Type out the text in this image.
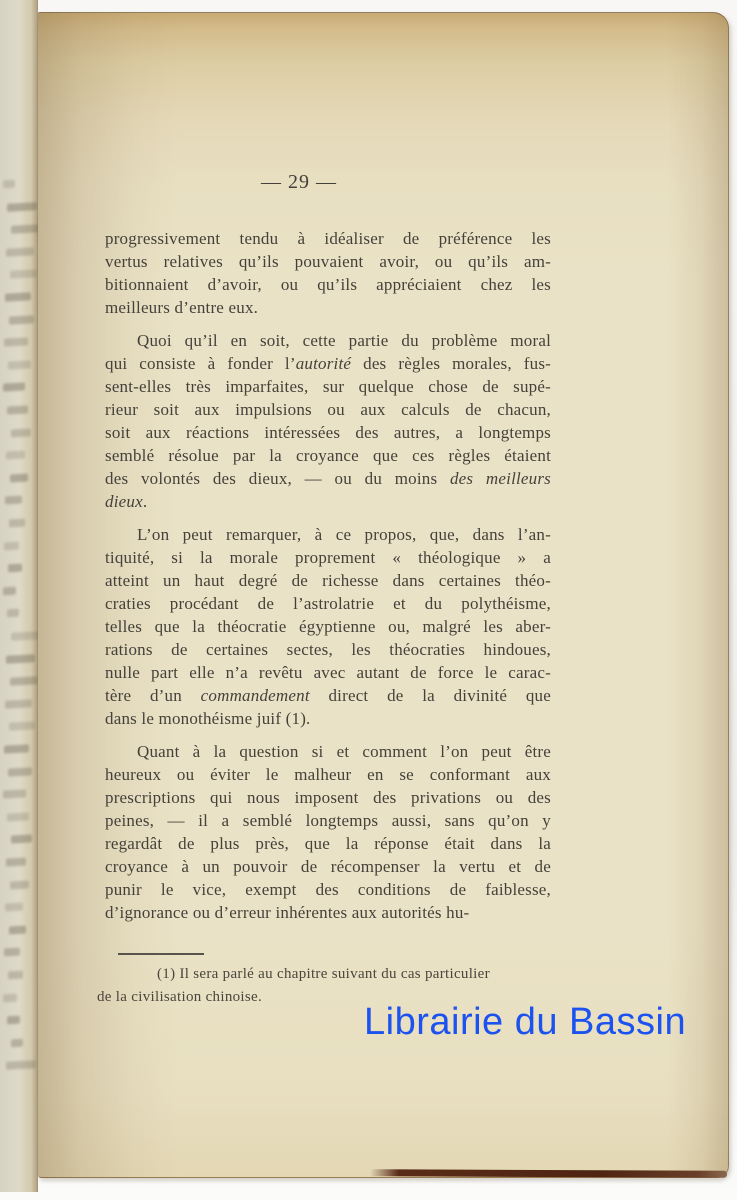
— 29 —
progressivement tendu à idéaliser de préférence les
vertus relatives qu’ils pouvaient avoir, ou qu’ils am-
bitionnaient d’avoir, ou qu’ils appréciaient chez les
meilleurs d’entre eux.
Quoi qu’il en soit, cette partie du problème moral
qui consiste à fonder l’autorité des règles morales, fus-
sent-elles très imparfaites, sur quelque chose de supé-
rieur soit aux impulsions ou aux calculs de chacun,
soit aux réactions intéressées des autres, a longtemps
semblé résolue par la croyance que ces règles étaient
des volontés des dieux, — ou du moins des meilleurs
dieux.
L’on peut remarquer, à ce propos, que, dans l’an-
tiquité, si la morale proprement « théologique » a
atteint un haut degré de richesse dans certaines théo-
craties procédant de l’astrolatrie et du polythéisme,
telles que la théocratie égyptienne ou, malgré les aber-
rations de certaines sectes, les théocraties hindoues,
nulle part elle n’a revêtu avec autant de force le carac-
tère d’un commandement direct de la divinité que
dans le monothéisme juif (1).
Quant à la question si et comment l’on peut être
heureux ou éviter le malheur en se conformant aux
prescriptions qui nous imposent des privations ou des
peines, — il a semblé longtemps aussi, sans qu’on y
regardât de plus près, que la réponse était dans la
croyance à un pouvoir de récompenser la vertu et de
punir le vice, exempt des conditions de faiblesse,
d’ignorance ou d’erreur inhérentes aux autorités hu-
(1) Il sera parlé au chapitre suivant du cas particulier
de la civilisation chinoise.
Librairie du Bassin
